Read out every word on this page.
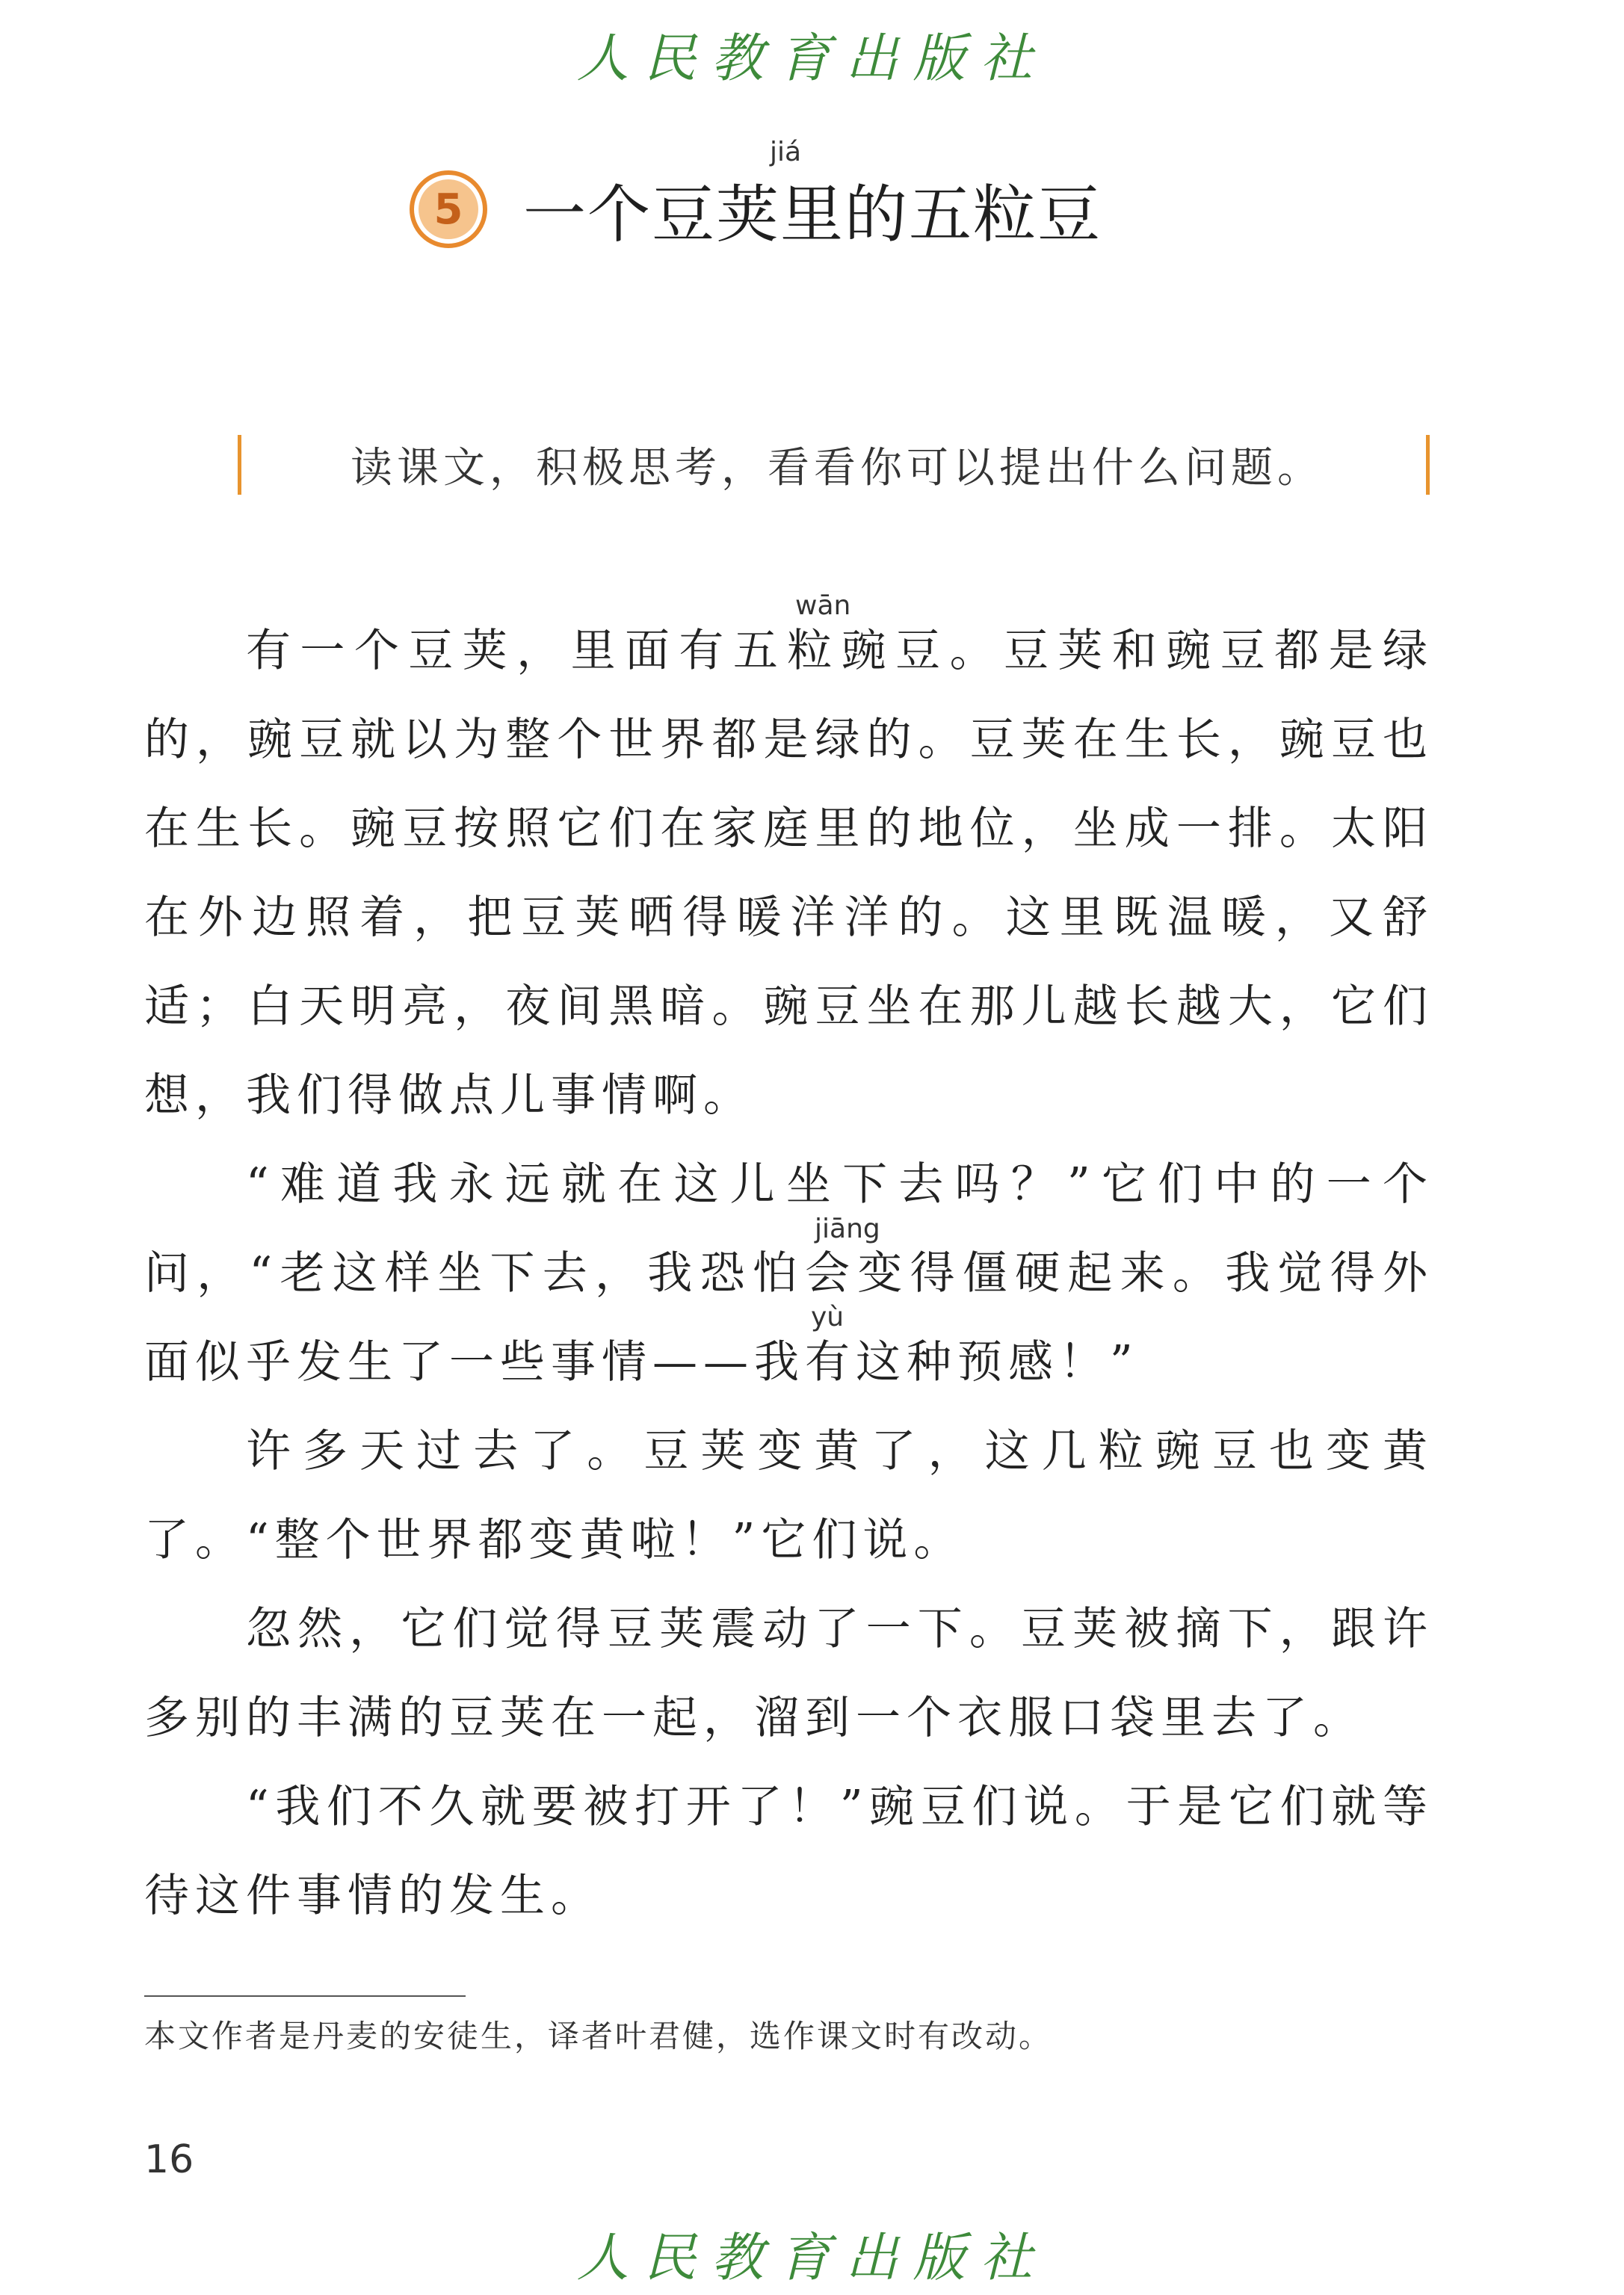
人民教育出版社
jiá
5 一个豆荚里的五粒豆
读课文，积极思考，看看你可以提出什么问题。
wān
jiāng
yù
有一个豆荚，里面有五粒豌豆。豆荚和豌豆都是绿的，豌豆就以为整个世界都是绿的。豆荚在生长，豌豆也在生长。豌豆按照它们在家庭里的地位，坐成一排。太阳在外边照着，把豆荚晒得暖洋洋的。这里既温暖，又舒适；白天明亮，夜间黑暗。豌豆坐在那儿越长越大，它们想，我们得做点儿事情啊。
“难道我永远就在这儿坐下去吗？”它们中的一个问，“老这样坐下去，我恐怕会变得僵硬起来。我觉得外面似乎发生了一些事情——我有这种预感！”
许多天过去了。豆荚变黄了，这几粒豌豆也变黄了。“整个世界都变黄啦！”它们说。
忽然，它们觉得豆荚震动了一下。豆荚被摘下，跟许多别的丰满的豆荚在一起，溜到一个衣服口袋里去了。
“我们不久就要被打开了！”豌豆们说。于是它们就等待这件事情的发生。
本文作者是丹麦的安徒生，译者叶君健，选作课文时有改动。
16
人民教育出版社
